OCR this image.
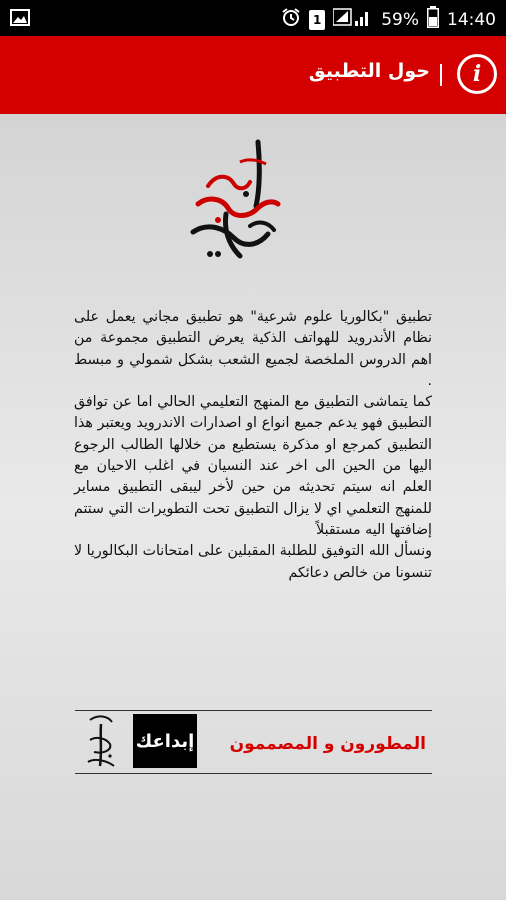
1	59% 14:40
i
حول التطبيق

تطبيق "بكالوريا علوم شرعية" هو تطبيق مجاني يعمل على نظام الأندرويد للهواتف الذكية يعرض التطبيق مجموعة من اهم الدروس الملخصة لجميع الشعب بشكل شمولي و مبسط .

كما يتماشى التطبيق مع المنهج التعليمي الحالي اما عن توافق التطبيق فهو يدعم جميع انواع او اصدارات الاندرويد ويعتبر هذا التطبيق كمرجع او مذكرة يستطيع من خلالها الطالب الرجوع اليها من الحين الى اخر عند النسيان في اغلب الاحيان مع العلم انه سيتم تحديثه من حين لأخر ليبقى التطبيق مساير للمنهج التعلمي اي لا يزال التطبيق تحت التطويرات التي ستتم إضافتها اليه مستقبلاً

ونسأل الله التوفيق للطلبة المقبلين على امتحانات البكالوريا لا تنسونا من خالص دعائكم

إبداعك المطورون و المصممون
